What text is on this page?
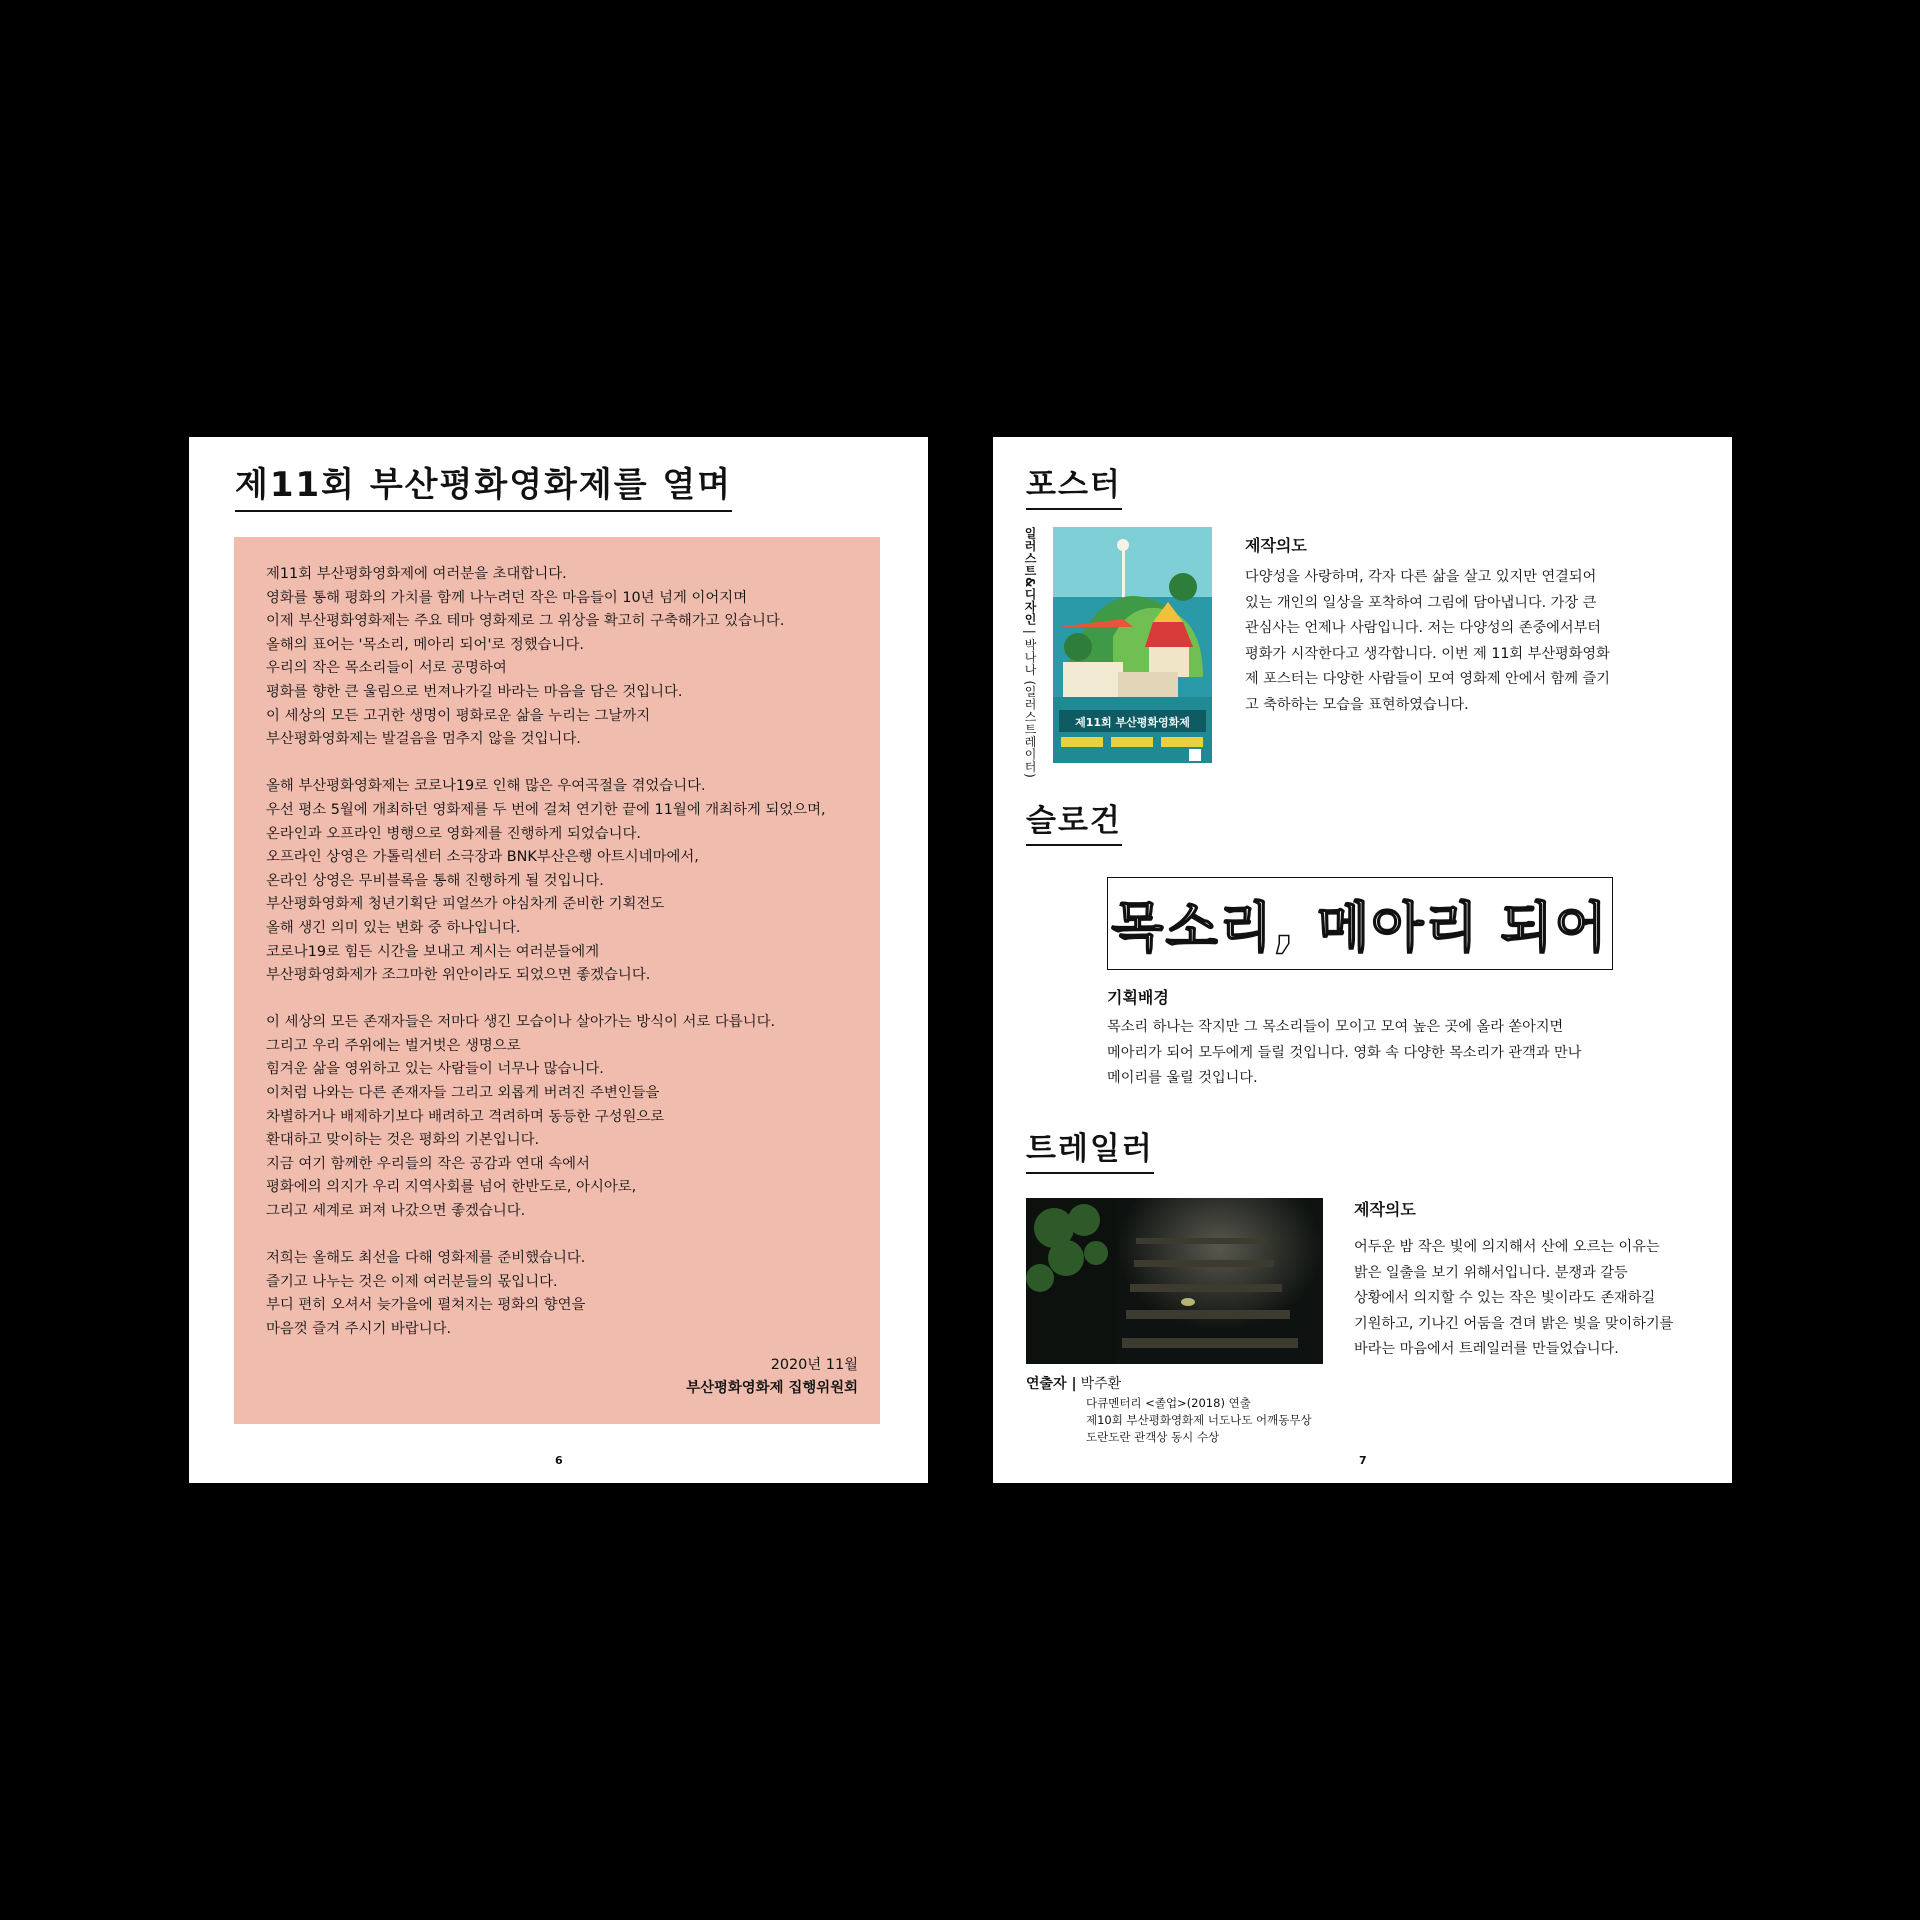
제11회 부산평화영화제를 열며

제11회 부산평화영화제에 여러분을 초대합니다.
영화를 통해 평화의 가치를 함께 나누려던 작은 마음들이 10년 넘게 이어지며
이제 부산평화영화제는 주요 테마 영화제로 그 위상을 확고히 구축해가고 있습니다.
올해의 표어는 '목소리, 메아리 되어'로 정했습니다.
우리의 작은 목소리들이 서로 공명하여
평화를 향한 큰 울림으로 번져나가길 바라는 마음을 담은 것입니다.
이 세상의 모든 고귀한 생명이 평화로운 삶을 누리는 그날까지
부산평화영화제는 발걸음을 멈추지 않을 것입니다.

올해 부산평화영화제는 코로나19로 인해 많은 우여곡절을 겪었습니다.
우선 평소 5월에 개최하던 영화제를 두 번에 걸쳐 연기한 끝에 11월에 개최하게 되었으며,
온라인과 오프라인 병행으로 영화제를 진행하게 되었습니다.
오프라인 상영은 가톨릭센터 소극장과 BNK부산은행 아트시네마에서,
온라인 상영은 무비블록을 통해 진행하게 될 것입니다.
부산평화영화제 청년기획단 피얼쓰가 야심차게 준비한 기획전도
올해 생긴 의미 있는 변화 중 하나입니다.
코로나19로 힘든 시간을 보내고 계시는 여러분들에게
부산평화영화제가 조그마한 위안이라도 되었으면 좋겠습니다.

이 세상의 모든 존재자들은 저마다 생긴 모습이나 살아가는 방식이 서로 다릅니다.
그리고 우리 주위에는 벌거벗은 생명으로
힘겨운 삶을 영위하고 있는 사람들이 너무나 많습니다.
이처럼 나와는 다른 존재자들 그리고 외롭게 버려진 주변인들을
차별하거나 배제하기보다 배려하고 격려하며 동등한 구성원으로
환대하고 맞이하는 것은 평화의 기본입니다.
지금 여기 함께한 우리들의 작은 공감과 연대 속에서
평화에의 의지가 우리 지역사회를 넘어 한반도로, 아시아로,
그리고 세계로 퍼져 나갔으면 좋겠습니다.

저희는 올해도 최선을 다해 영화제를 준비했습니다.
즐기고 나누는 것은 이제 여러분들의 몫입니다.
부디 편히 오셔서 늦가을에 펼쳐지는 평화의 향연을
마음껏 즐겨 주시기 바랍니다.

2020년 11월
부산평화영화제 집행위원회
6
포스터
일러스트&디자인 | 박나나 (일러스트레이터)	제11회 부산평화영화제
제작의도
다양성을 사랑하며, 각자 다른 삶을 살고 있지만 연결되어
있는 개인의 일상을 포착하여 그림에 담아냅니다. 가장 큰
관심사는 언제나 사람입니다. 저는 다양성의 존중에서부터
평화가 시작한다고 생각합니다. 이번 제 11회 부산평화영화
제 포스터는 다양한 사람들이 모여 영화제 안에서 함께 즐기
고 축하하는 모습을 표현하였습니다.
슬로건
목소리, 메아리 되어
기획배경
목소리 하나는 작지만 그 목소리들이 모이고 모여 높은 곳에 올라 쏟아지면
메아리가 되어 모두에게 들릴 것입니다. 영화 속 다양한 목소리가 관객과 만나
메이리를 울릴 것입니다.
트레일러
제작의도
어두운 밤 작은 빛에 의지해서 산에 오르는 이유는
밝은 일출을 보기 위해서입니다. 분쟁과 갈등
상황에서 의지할 수 있는 작은 빛이라도 존재하길
기원하고, 기나긴 어둠을 견뎌 밝은 빛을 맞이하기를
바라는 마음에서 트레일러를 만들었습니다.
연출자 | 박주환
다큐멘터리 <졸업>(2018) 연출
제10회 부산평화영화제 너도나도 어깨동무상
도란도란 관객상 동시 수상
7
